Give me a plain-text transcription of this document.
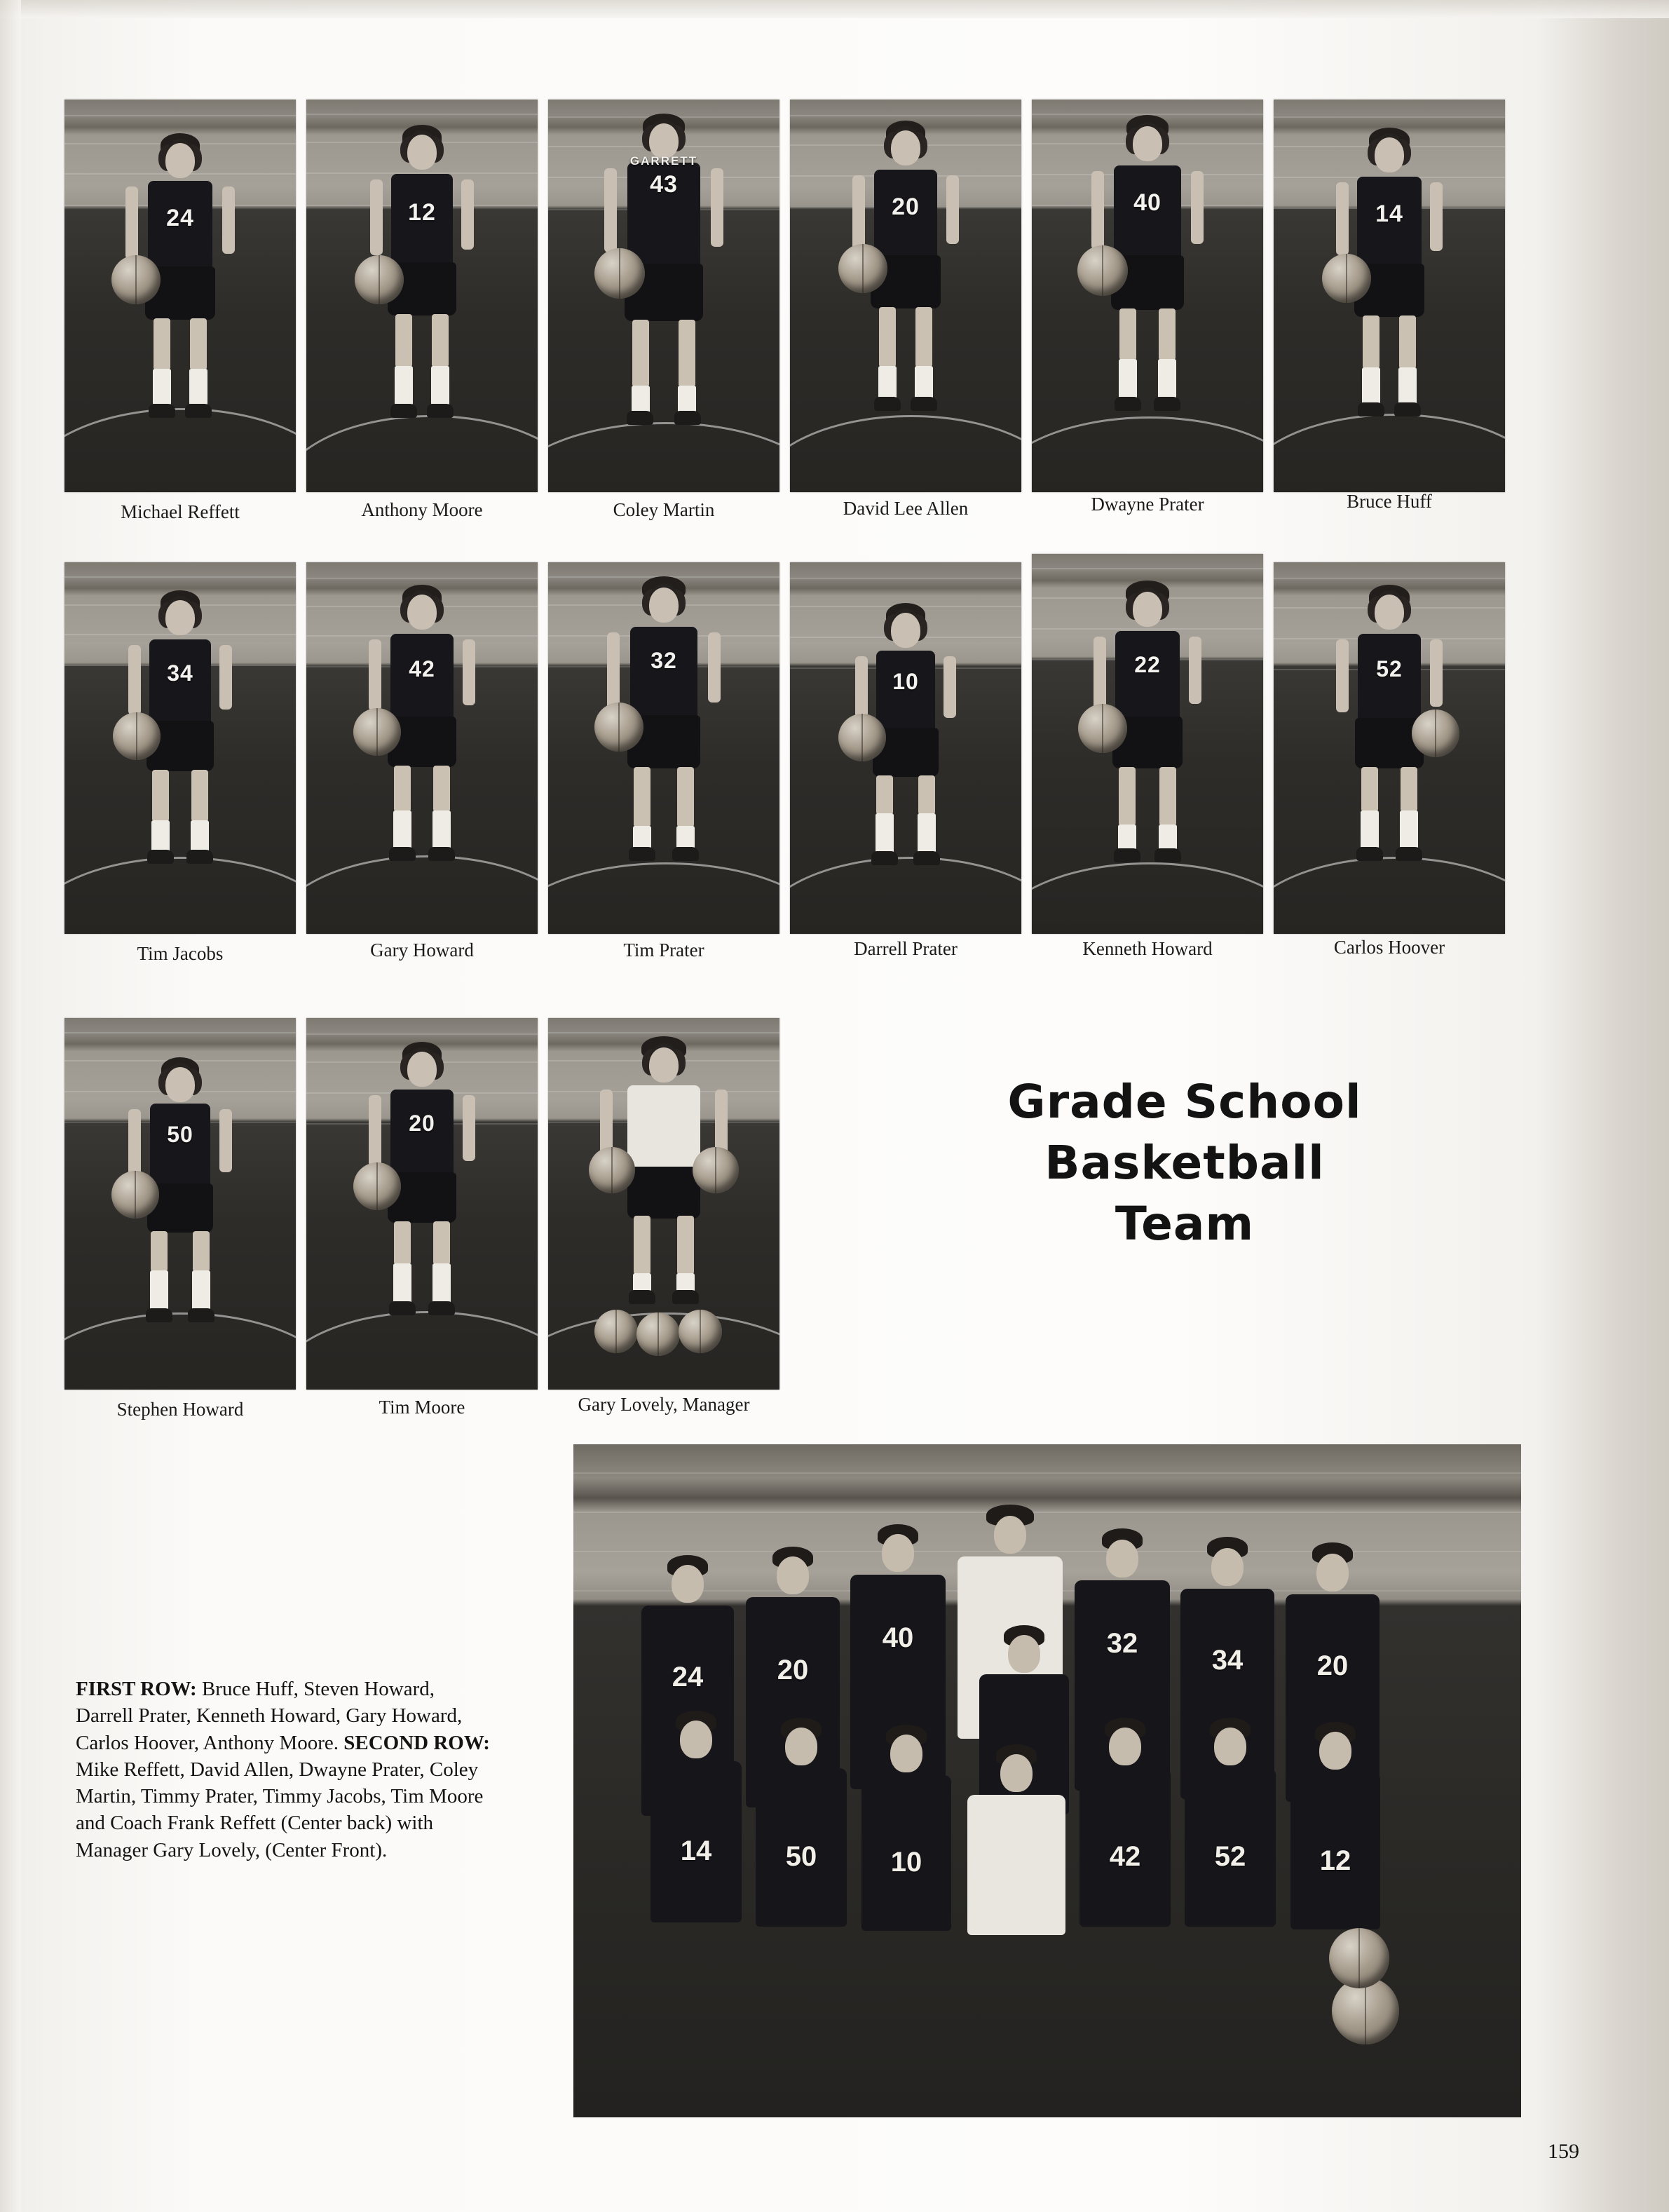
24
Michael Reffett
12
Anthony Moore
GARRETT
43
Coley Martin
20
David Lee Allen
40
Dwayne Prater
14
Bruce Huff
34
Tim Jacobs
42
Gary Howard
32
Tim Prater
10
Darrell Prater
22
Kenneth Howard
52
Carlos Hoover
50
Stephen Howard
20
Tim Moore	Gary Lovely, Manager
Grade School
Basketball
Team
24	20
40	32
34	20
14	50	10	42	52	12
FIRST ROW: Bruce Huff, Steven Howard, Darrell Prater, Kenneth Howard, Gary Howard, Carlos Hoover, Anthony Moore. SECOND ROW: Mike Reffett, David Allen, Dwayne Prater, Coley Martin, Timmy Prater, Timmy Jacobs, Tim Moore and Coach Frank Reffett (Center back) with Manager Gary Lovely, (Center Front).
159
